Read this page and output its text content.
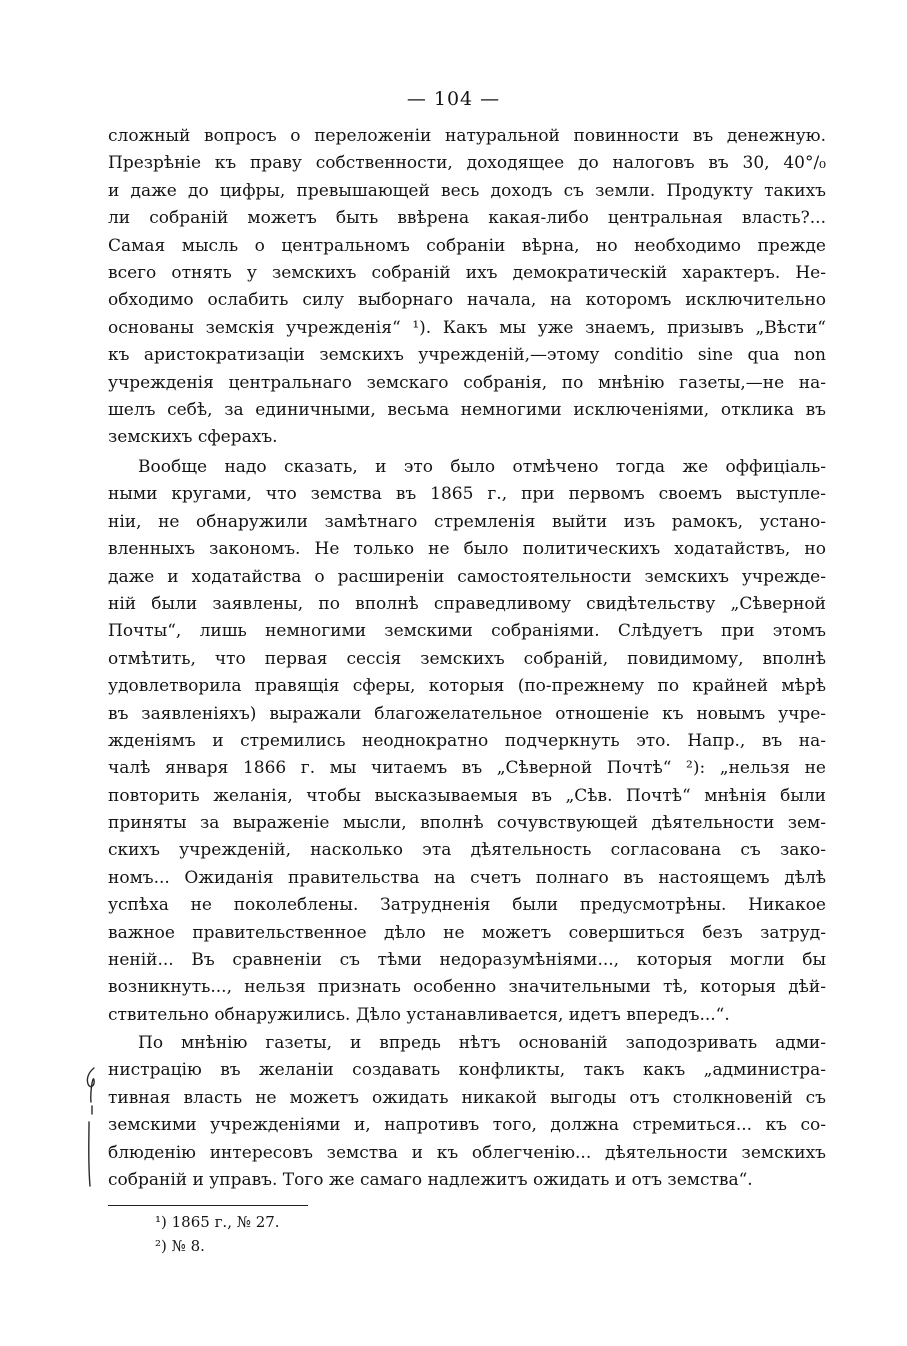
— 104 —
сложный вопросъ о переложеніи натуральной повинности въ денежную.
Презрѣніе къ праву собственности, доходящее до налоговъ въ 30, 40°/₀
и даже до цифры, превышающей весь доходъ съ земли. Продукту такихъ
ли собраній можетъ быть ввѣрена какая-либо центральная власть?...
Самая мысль о центральномъ собраніи вѣрна, но необходимо прежде
всего отнять у земскихъ собраній ихъ демократическій характеръ. Не-
обходимо ослабить силу выборнаго начала, на которомъ исключительно
основаны земскія учрежденія“ ¹). Какъ мы уже знаемъ, призывъ „Вѣсти“
къ аристократизаціи земскихъ учрежденій,—этому conditio sine qua non
учрежденія центральнаго земскаго собранія, по мнѣнію газеты,—не на-
шелъ себѣ, за единичными, весьма немногими исключеніями, отклика въ
земскихъ сферахъ.
Вообще надо сказать, и это было отмѣчено тогда же оффиціаль-
ными кругами, что земства въ 1865 г., при первомъ своемъ выступле-
ніи, не обнаружили замѣтнаго стремленія выйти изъ рамокъ, устано-
вленныхъ закономъ. Не только не было политическихъ ходатайствъ, но
даже и ходатайства о расширеніи самостоятельности земскихъ учрежде-
ній были заявлены, по вполнѣ справедливому свидѣтельству „Сѣверной
Почты“, лишь немногими земскими собраніями. Слѣдуетъ при этомъ
отмѣтить, что первая сессія земскихъ собраній, повидимому, вполнѣ
удовлетворила правящія сферы, которыя (по-прежнему по крайней мѣрѣ
въ заявленіяхъ) выражали благожелательное отношеніе къ новымъ учре-
жденіямъ и стремились неоднократно подчеркнуть это. Напр., въ на-
чалѣ января 1866 г. мы читаемъ въ „Сѣверной Почтѣ“ ²): „нельзя не
повторить желанія, чтобы высказываемыя въ „Сѣв. Почтѣ“ мнѣнія были
приняты за выраженіе мысли, вполнѣ сочувствующей дѣятельности зем-
скихъ учрежденій, насколько эта дѣятельность согласована съ зако-
номъ... Ожиданія правительства на счетъ полнаго въ настоящемъ дѣлѣ
успѣха не поколеблены. Затрудненія были предусмотрѣны. Никакое
важное правительственное дѣло не можетъ совершиться безъ затруд-
неній... Въ сравненіи съ тѣми недоразумѣніями..., которыя могли бы
возникнуть..., нельзя признать особенно значительными тѣ, которыя дѣй-
ствительно обнаружились. Дѣло устанавливается, идетъ впередъ...“.
По мнѣнію газеты, и впредь нѣтъ основаній заподозривать адми-
нистрацію въ желаніи создавать конфликты, такъ какъ „администра-
тивная власть не можетъ ожидать никакой выгоды отъ столкновеній съ
земскими учрежденіями и, напротивъ того, должна стремиться... къ со-
блюденію интересовъ земства и къ облегченію... дѣятельности земскихъ
собраній и управъ. Того же самаго надлежитъ ожидать и отъ земства“.
¹) 1865 г., № 27.
²) № 8.
